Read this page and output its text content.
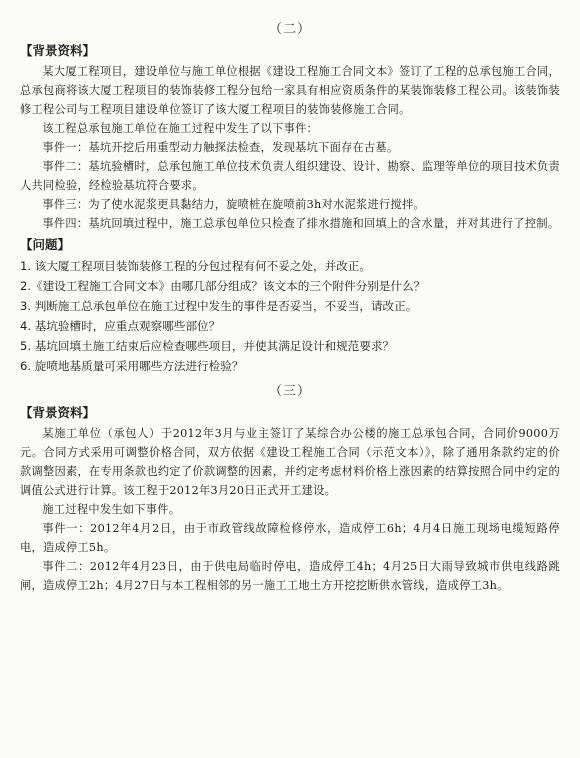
（二）
【背景资料】

某大厦工程项目，建设单位与施工单位根据《建设工程施工合同文本》签订了工程的总承包施工合同，总承包商将该大厦工程项目的装饰装修工程分包给一家具有相应资质条件的某装饰装修工程公司。该装饰装修工程公司与工程项目建设单位签订了该大厦工程项目的装饰装修施工合同。

该工程总承包施工单位在施工过程中发生了以下事件：

事件一：基坑开挖后用重型动力触探法检查，发现基坑下面存在古墓。

事件二：基坑验槽时，总承包施工单位技术负责人组织建设、设计、勘察、监理等单位的项目技术负责人共同检验，经检验基坑符合要求。

事件三：为了使水泥浆更具黏结力，旋喷桩在旋喷前3h对水泥浆进行搅拌。

事件四：基坑回填过程中，施工总承包单位只检查了排水措施和回填上的含水量，并对其进行了控制。

【问题】

1. 该大厦工程项目装饰装修工程的分包过程有何不妥之处，并改正。

2.《建设工程施工合同文本》由哪几部分组成？该文本的三个附件分别是什么？

3. 判断施工总承包单位在施工过程中发生的事件是否妥当，不妥当，请改正。

4. 基坑验槽时，应重点观察哪些部位？

5. 基坑回填土施工结束后应检查哪些项目，并使其满足设计和规范要求？

6. 旋喷地基质量可采用哪些方法进行检验？

（三）
【背景资料】

某施工单位（承包人）于2012年3月与业主签订了某综合办公楼的施工总承包合同，合同价9000万元。合同方式采用可调整价格合同，双方依据《建设工程施工合同（示范文本）》，除了通用条款约定的价款调整因素，在专用条款也约定了价款调整的因素，并约定考虑材料价格上涨因素的结算按照合同中约定的调值公式进行计算。该工程于2012年3月20日正式开工建设。

施工过程中发生如下事件。

事件一：2012年4月2日，由于市政管线故障检修停水，造成停工6h；4月4日施工现场电缆短路停电，造成停工5h。

事件二：2012年4月23日，由于供电局临时停电，造成停工4h；4月25日大雨导致城市供电线路跳闸，造成停工2h；4月27日与本工程相邻的另一施工工地土方开挖挖断供水管线，造成停工3h。
